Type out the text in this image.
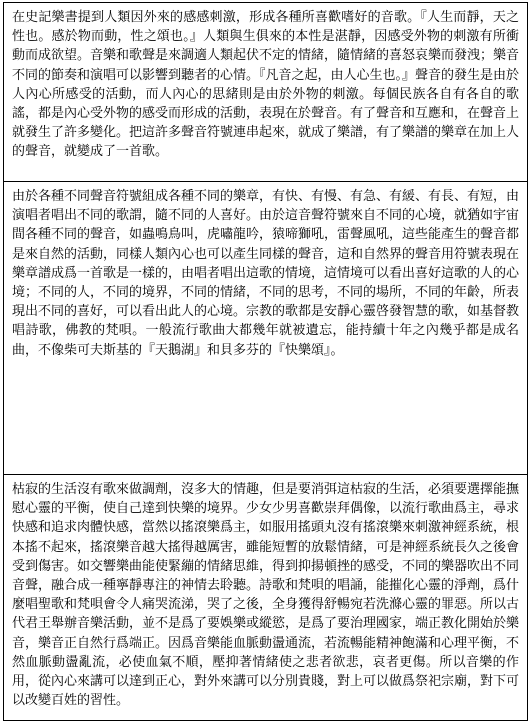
在史記樂書提到人類因外來的感感刺激，形成各種所喜歡嗜好的音歌。『人生而靜，天之性也。感於物而動，性之頌也。』人類與生俱來的本性是湛靜，因感受外物的刺激有所衝動而成欲望。音樂和歌聲是來調適人類起伏不定的情緒，隨情緒的喜怒哀樂而發洩；樂音不同的節奏和演唱可以影響到聽者的心情。『凡音之起，由人心生也。』聲音的發生是由於人內心所感受的活動，而人內心的思緒則是由於外物的刺激。每個民族各自有各自的歌謠，都是內心受外物的感受而形成的活動，表現在於聲音。有了聲音和互應和，在聲音上就發生了許多變化。把這許多聲音符號連串起來，就成了樂譜，有了樂譜的樂章在加上人的聲音，就變成了一首歌。

由於各種不同聲音符號組成各種不同的樂章，有快、有慢、有急、有緩、有長、有短，由演唱者唱出不同的歌謂，隨不同的人喜好。由於這音聲符號來自不同的心境，就猶如宇宙間各種不同的聲音，如蟲鳴鳥叫，虎嘯龍吟，猿啼獅吼，雷聲風吼，這些能產生的聲音都是來自然的活動，同樣人類內心也可以產生同樣的聲音，這和自然界的聲音用符號表現在樂章譜成爲一首歌是一樣的，由唱者唱出這歌的情境，這情境可以看出喜好這歌的人的心境；不同的人，不同的境界，不同的情緒，不同的思考，不同的場所，不同的年齡，所表現出不同的喜好，可以看出此人的心境。宗教的歌都是安靜心靈啓發智慧的歌，如基督教唱詩歌，佛教的梵唄。一般流行歌曲大都幾年就被遺忘，能持續十年之內幾乎都是成名曲，不像柴可夫斯基的『天鵝湖』和貝多芬的『快樂頌』。

枯寂的生活沒有歌來做調劑，沒多大的情趣，但是要消弭這枯寂的生活，必須要選擇能撫慰心靈的平衡，使自己達到快樂的境界。少女少男喜歡崇拜偶像，以流行歌曲爲主，尋求快感和追求肉體快感，當然以搖滾樂爲主，如服用搖頭丸沒有搖滾樂來刺激神經系統，根本搖不起來，搖滾樂音越大搖得越厲害，雖能短暫的放鬆情緒，可是神經系統長久之後會受到傷害。如交響樂曲能使緊繃的情緒思維，得到抑揚頓挫的感受，不同的樂器吹出不同音聲，融合成一種寧靜專注的神情去聆聽。詩歌和梵唄的唱誦，能摧化心靈的淨劑，爲什麼唱聖歌和梵唄會令人痛哭流涕，哭了之後，全身獲得舒暢宛若洗滌心靈的罪惡。所以古代君王舉辦音樂活動，並不是爲了要娛樂或縱慾，是爲了要治理國家，端正教化開始於樂音，樂音正自然行爲端正。因爲音樂能血脈動盪通流，若流暢能精神飽滿和心理平衡，不然血脈動盪亂流，必使血氣不順，壓抑著情緒使之悲者欲悲，哀者更傷。所以音樂的作用，從內心來講可以達到正心，對外來講可以分別貴賤，對上可以做爲祭祀宗廟，對下可以改變百姓的習性。
